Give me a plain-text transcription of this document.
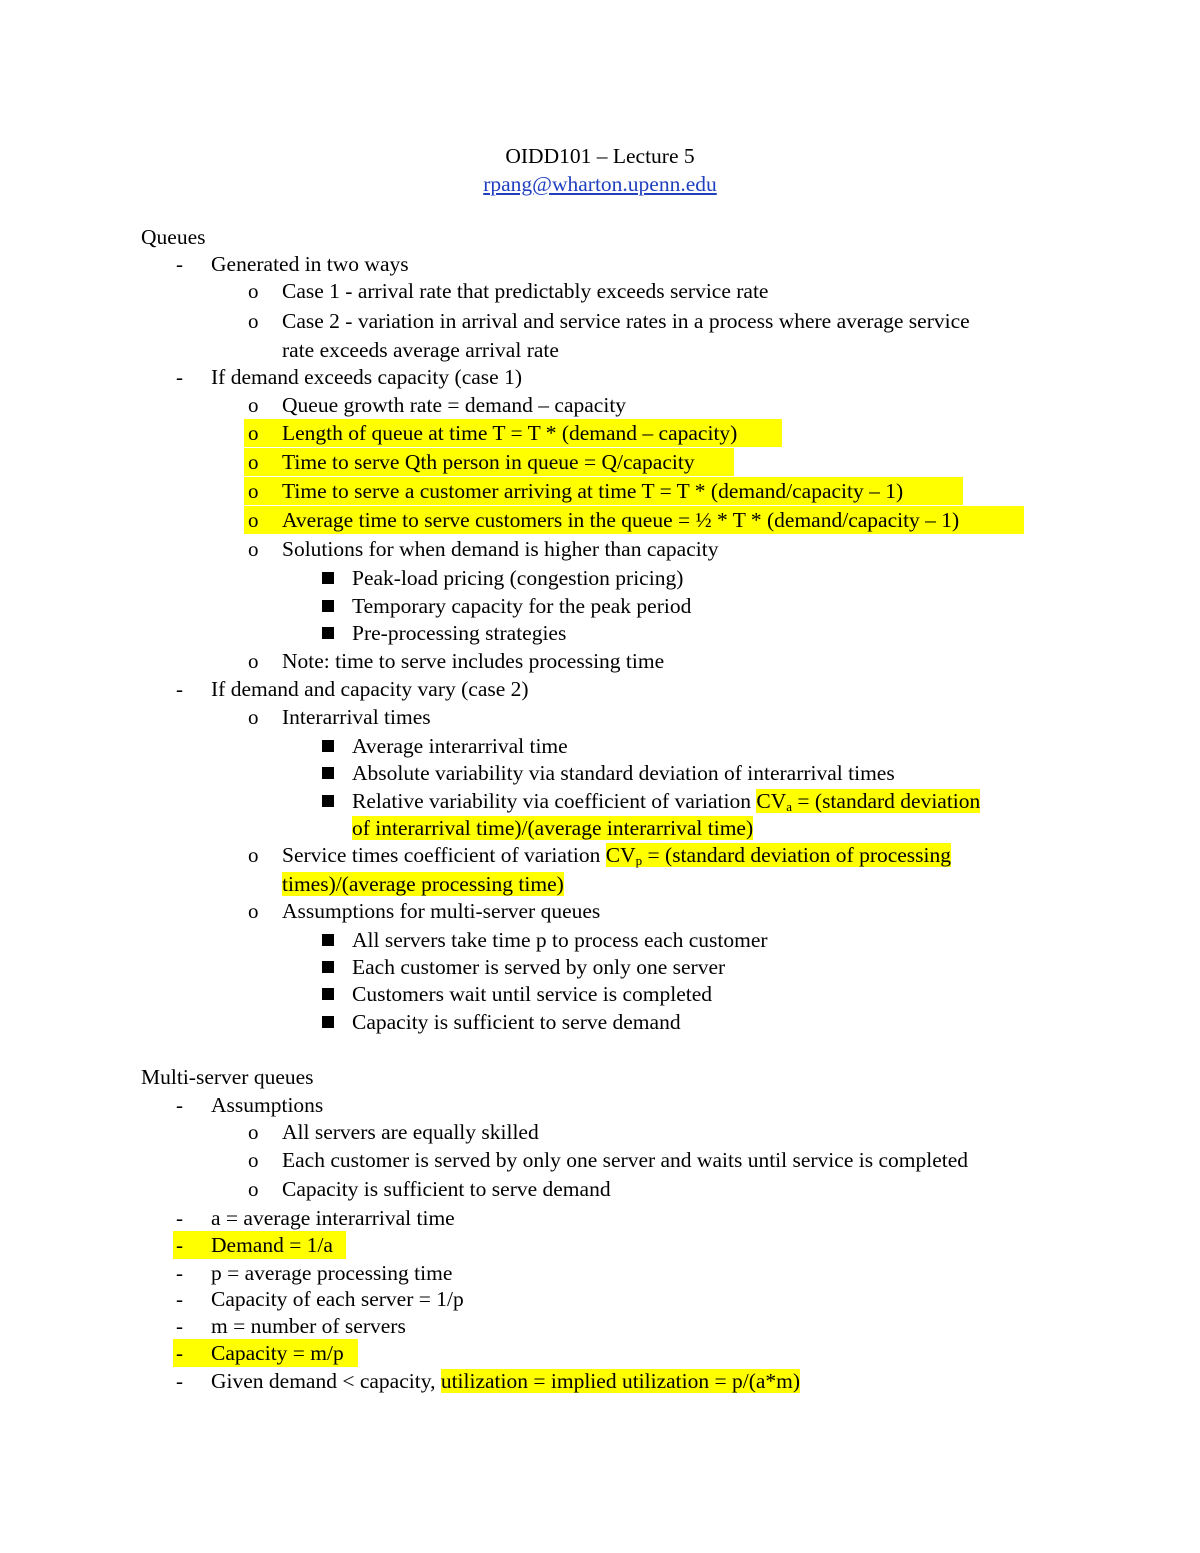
OIDD101 – Lecture 5
rpang@wharton.upenn.edu
Queues
- Generated in two ways
o Case 1 - arrival rate that predictably exceeds service rate
o Case 2 - variation in arrival and service rates in a process where average service
rate exceeds average arrival rate
- If demand exceeds capacity (case 1)
o Queue growth rate = demand – capacity
o Length of queue at time T = T * (demand – capacity)
o Time to serve Qth person in queue = Q/capacity
o Time to serve a customer arriving at time T = T * (demand/capacity – 1)
o Average time to serve customers in the queue = ½ * T * (demand/capacity – 1)
o Solutions for when demand is higher than capacity
Peak-load pricing (congestion pricing)
Temporary capacity for the peak period
Pre-processing strategies
o Note: time to serve includes processing time
- If demand and capacity vary (case 2)
o Interarrival times
Average interarrival time
Absolute variability via standard deviation of interarrival times
Relative variability via coefficient of variation $CV_a$ = (standard deviation
of interarrival time)/(average interarrival time)
o Service times coefficient of variation $CV_p$ = (standard deviation of processing
times)/(average processing time)
o Assumptions for multi-server queues
All servers take time p to process each customer
Each customer is served by only one server
Customers wait until service is completed
Capacity is sufficient to serve demand
Multi-server queues
- Assumptions
o All servers are equally skilled
o Each customer is served by only one server and waits until service is completed
o Capacity is sufficient to serve demand
- a = average interarrival time
- Demand = 1/a
- p = average processing time
- Capacity of each server = 1/p
- m = number of servers
- Capacity = m/p
- Given demand < capacity, utilization = implied utilization = p/(a*m)
